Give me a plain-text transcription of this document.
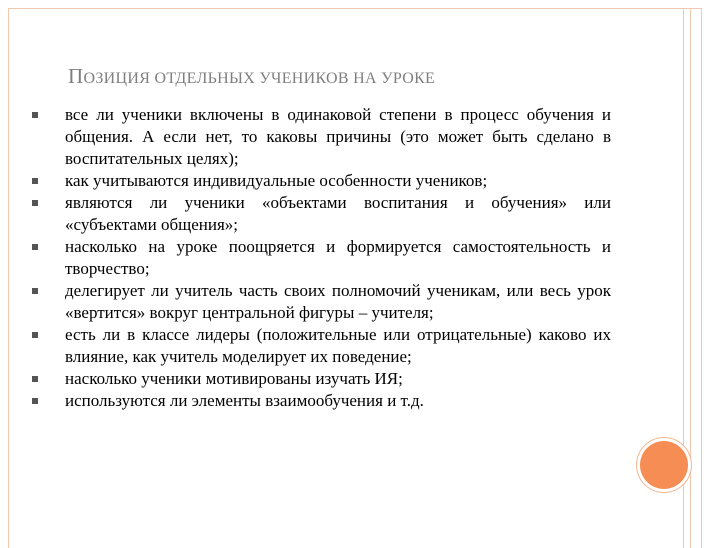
ПОЗИЦИЯ ОТДЕЛЬНЫХ УЧЕНИКОВ НА УРОКЕ
все ли ученики включены в одинаковой степени в процесс обучения и общения. А если нет, то каковы причины (это может быть сделано в воспитательных целях);
как учитываются индивидуальные особенности учеников;
являются ли ученики «объектами воспитания и обучения» или «субъектами общения»;
насколько на уроке поощряется и формируется самостоятельность и творчество;
делегирует ли учитель часть своих полномочий ученикам, или весь урок «вертится» вокруг центральной фигуры – учителя;
есть ли в классе лидеры (положительные или отрицательные) каково их влияние, как учитель моделирует их поведение;
насколько ученики мотивированы изучать ИЯ;
используются ли элементы взаимообучения и т.д.
